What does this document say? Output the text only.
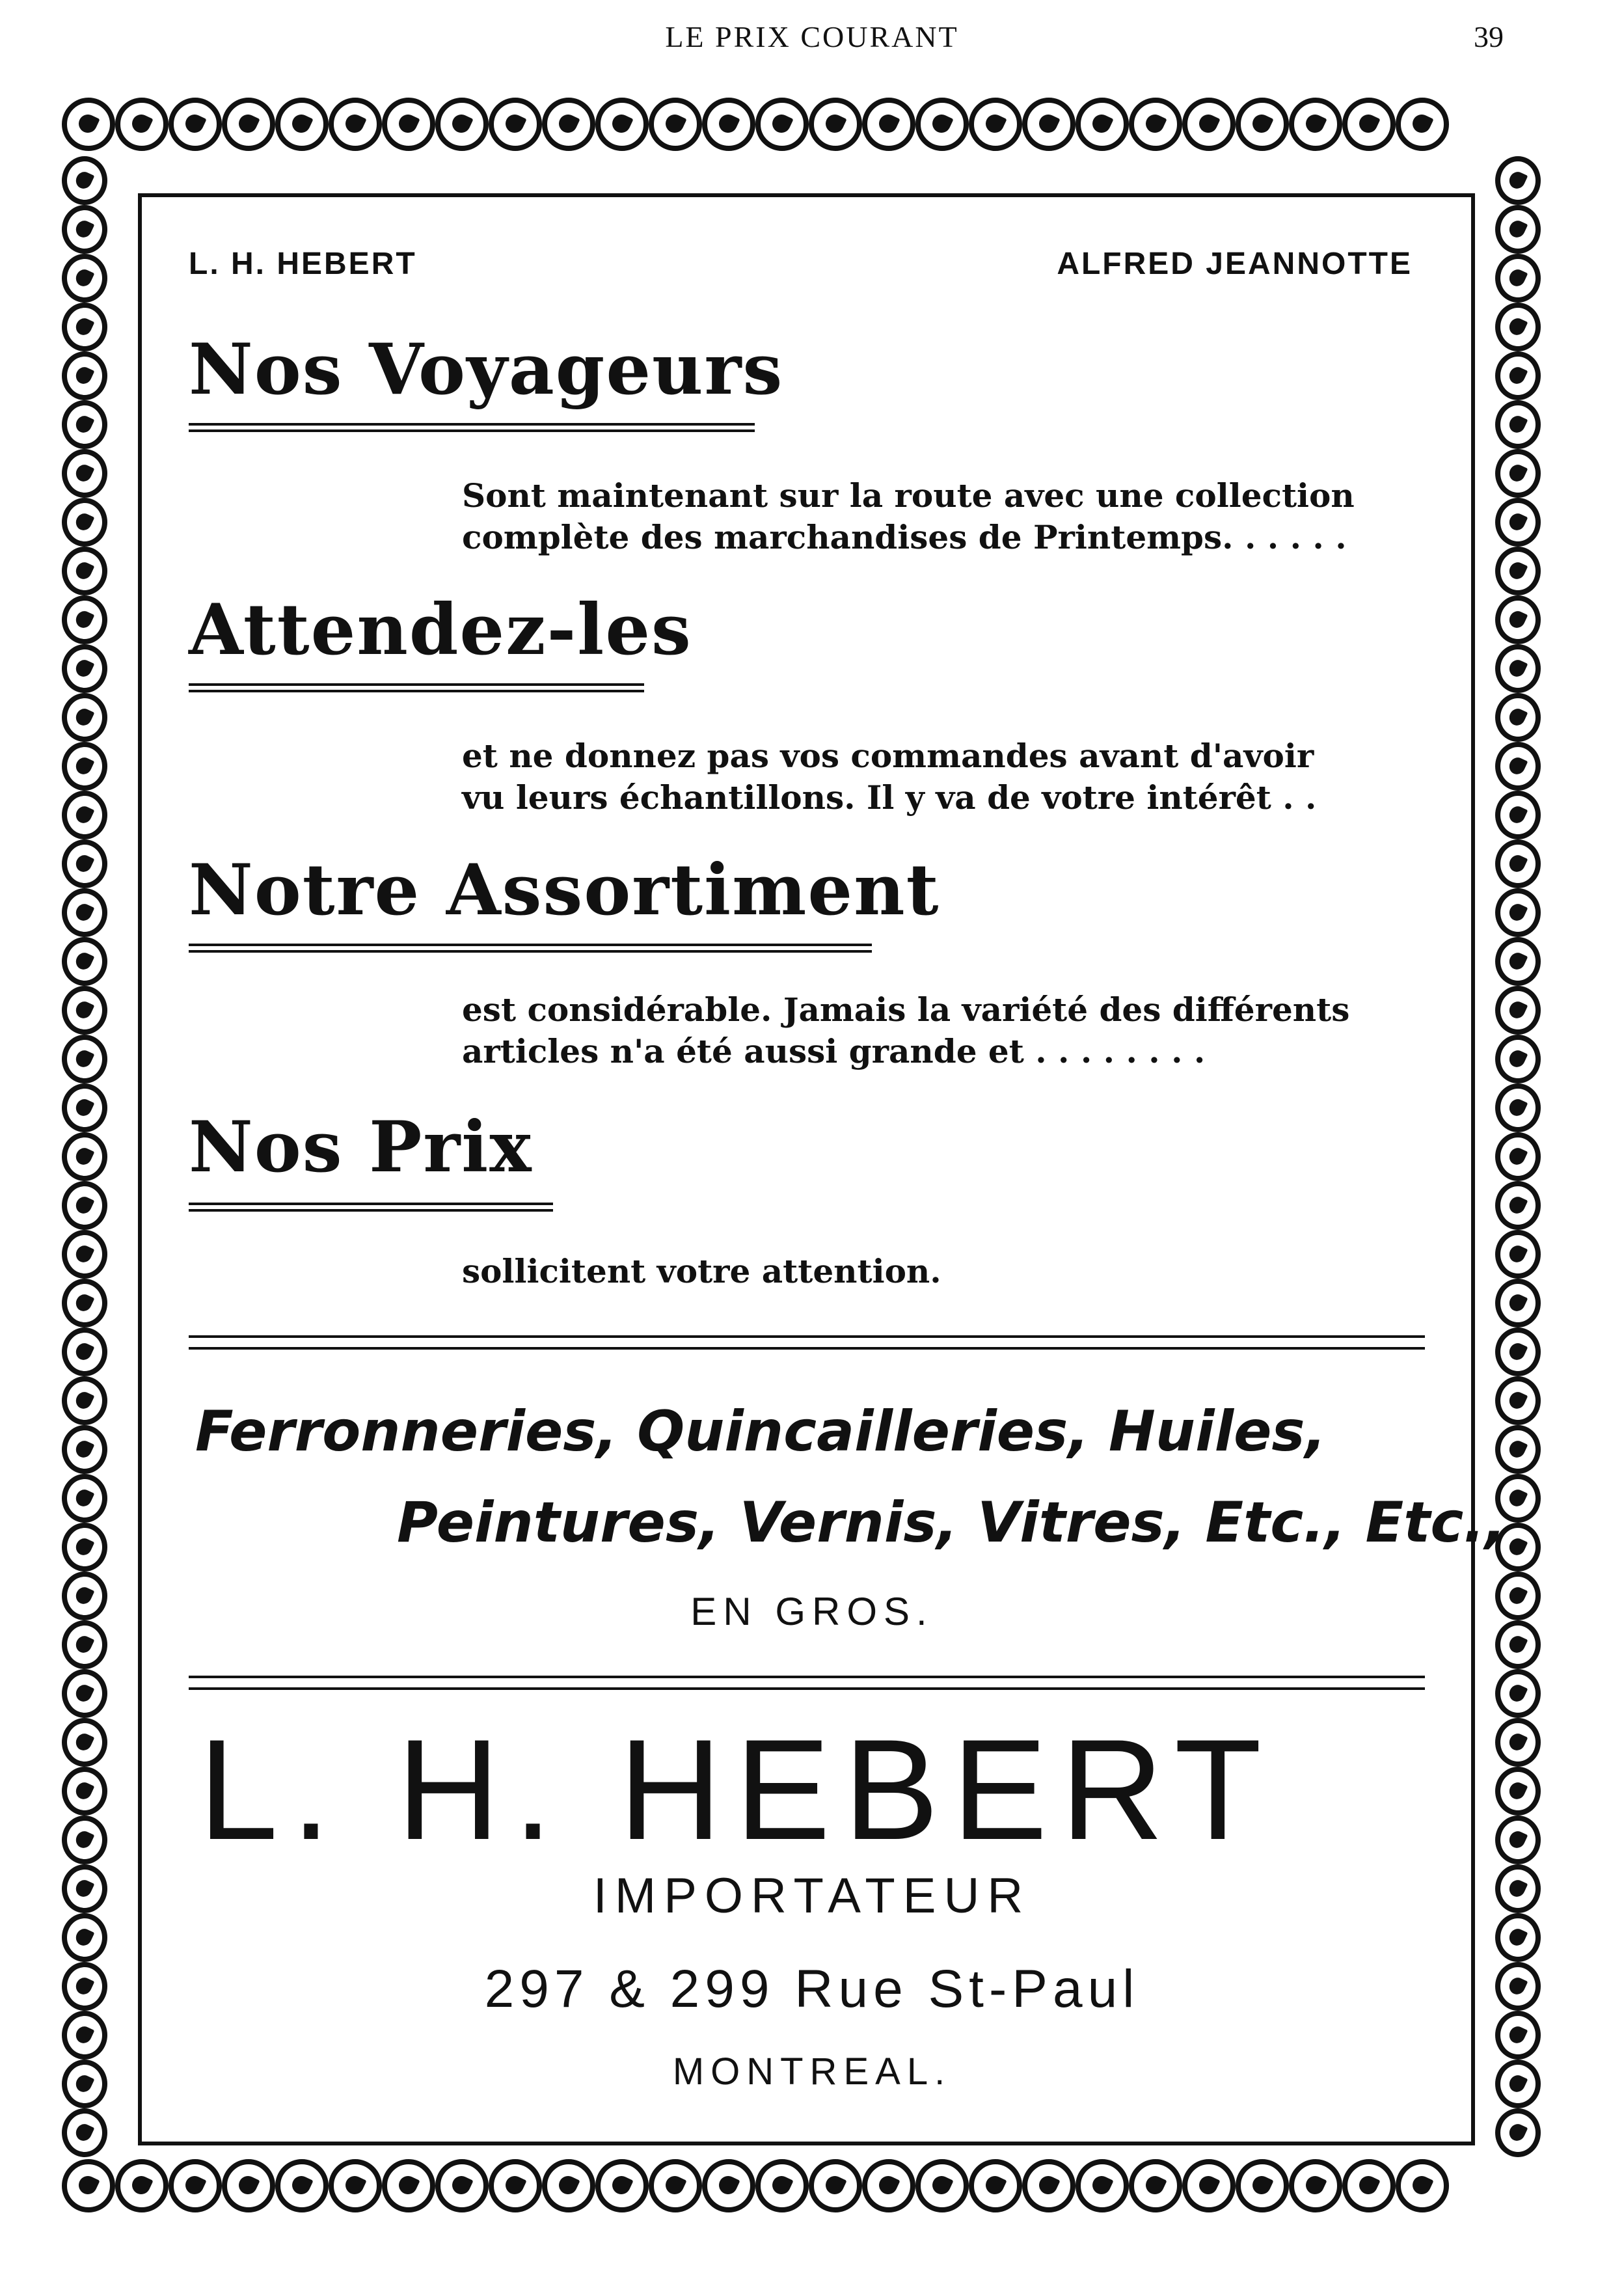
LE PRIX COURANT	39
L. H. HEBERT	ALFRED JEANNOTTE
Nos Voyageurs
Sont maintenant sur la route avec une collection
complète des marchandises de Printemps. . . . . .
Attendez-les
et ne donnez pas vos commandes avant d'avoir
vu leurs échantillons. Il y va de votre intérêt . .
Notre Assortiment
est considérable. Jamais la variété des différents
articles n'a été aussi grande et . . . . . . . .
Nos Prix
sollicitent votre attention.
Ferronneries, Quincailleries, Huiles,
Peintures, Vernis, Vitres, Etc., Etc.,
EN GROS.
L. H. HEBERT
IMPORTATEUR
297 & 299 Rue St-Paul
MONTREAL.
